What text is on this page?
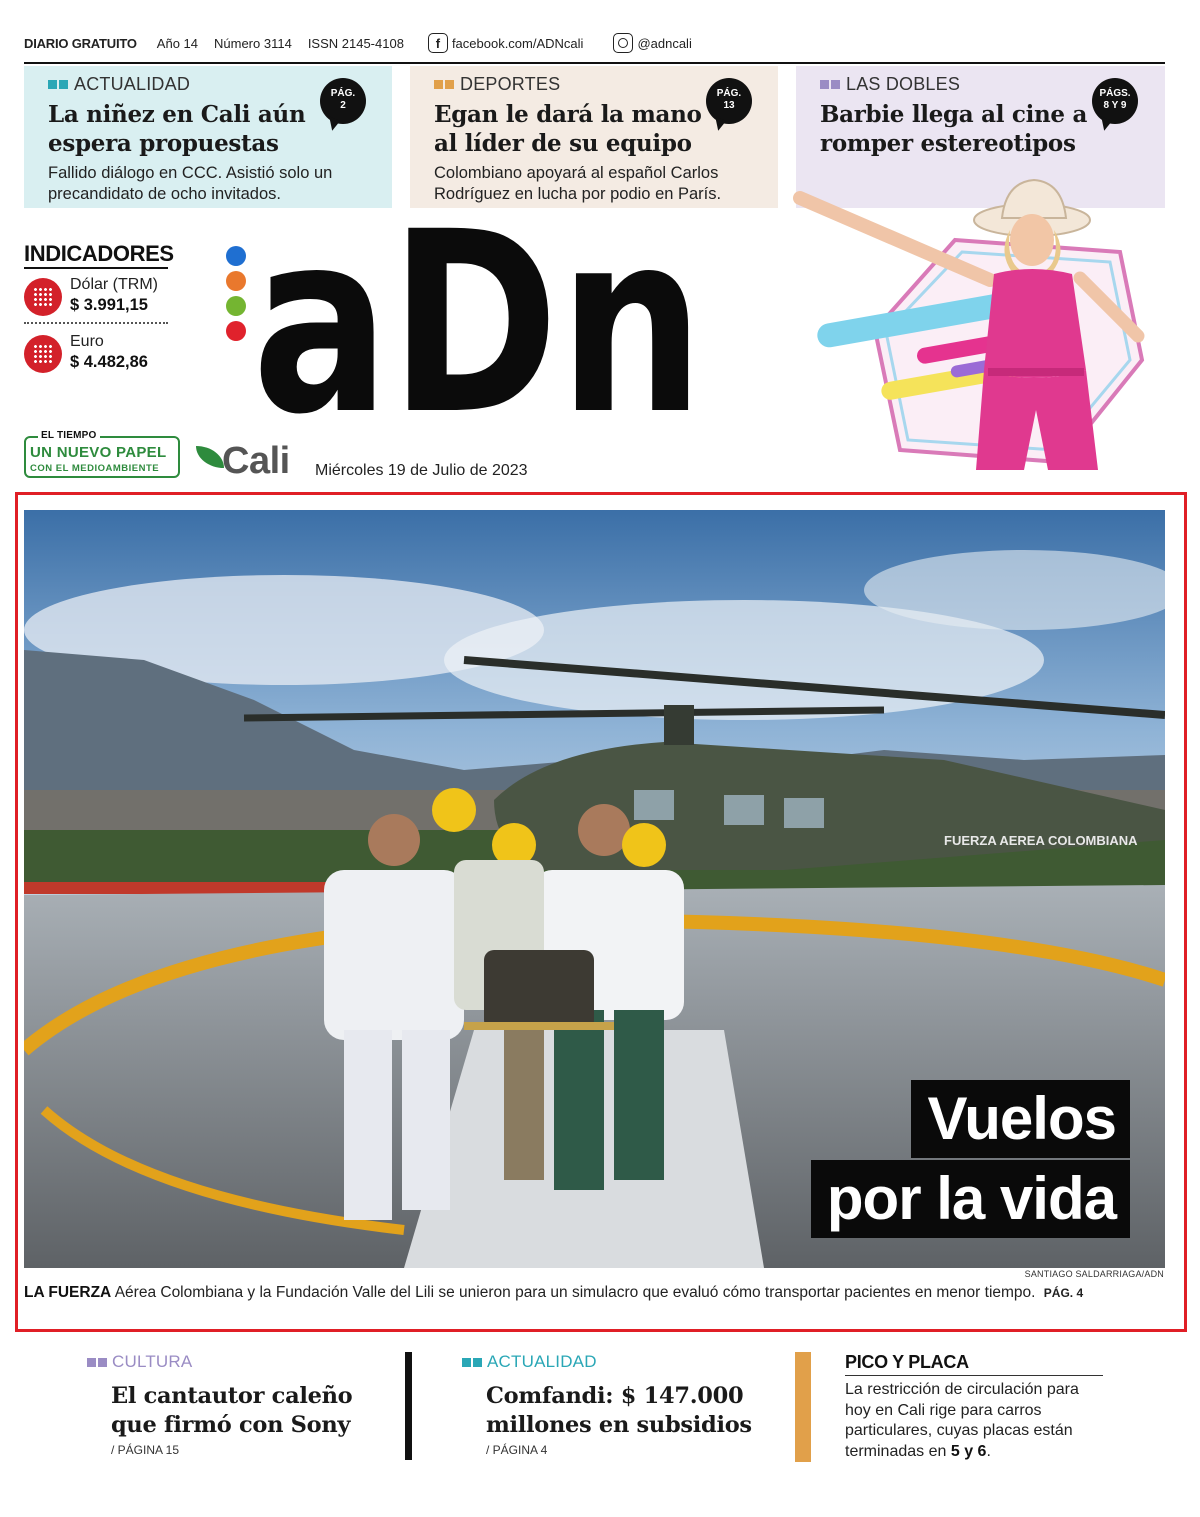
DIARIO GRATUITO Año 14 Número 3114 ISSN 2145-4108	f facebook.com/ADNcali	@adncali
ACTUALIDAD
La niñez en Cali aún espera propuestas
Fallido diálogo en CCC. Asistió solo un precandidato de ocho invitados.
PÁG.
2
DEPORTES
Egan le dará la mano al líder de su equipo
Colombiano apoyará al español Carlos Rodríguez en lucha por podio en París.
PÁG.
13
LAS DOBLES
Barbie llega al cine a romper estereotipos
PÁGS.
8 Y 9
INDICADORES
Dólar (TRM)
$ 3.991,15
Euro
$ 4.482,86 aDn
EL TIEMPO
UN NUEVO PAPEL
CON EL MEDIOAMBIENTE Cali Miércoles 19 de Julio de 2023
FUERZA AEREA COLOMBIANA
Vuelos
por la vida
SANTIAGO SALDARRIAGA/ADN
LA FUERZA Aérea Colombiana y la Fundación Valle del Lili se unieron para un simulacro que evaluó cómo transportar pacientes en menor tiempo. PÁG. 4
CULTURA
El cantautor caleño que firmó con Sony
/ PÁGINA 15
ACTUALIDAD
Comfandi: $ 147.000 millones en subsidios
/ PÁGINA 4
PICO Y PLACA
La restricción de circulación para hoy en Cali rige para carros particulares, cuyas placas están terminadas en 5 y 6.
